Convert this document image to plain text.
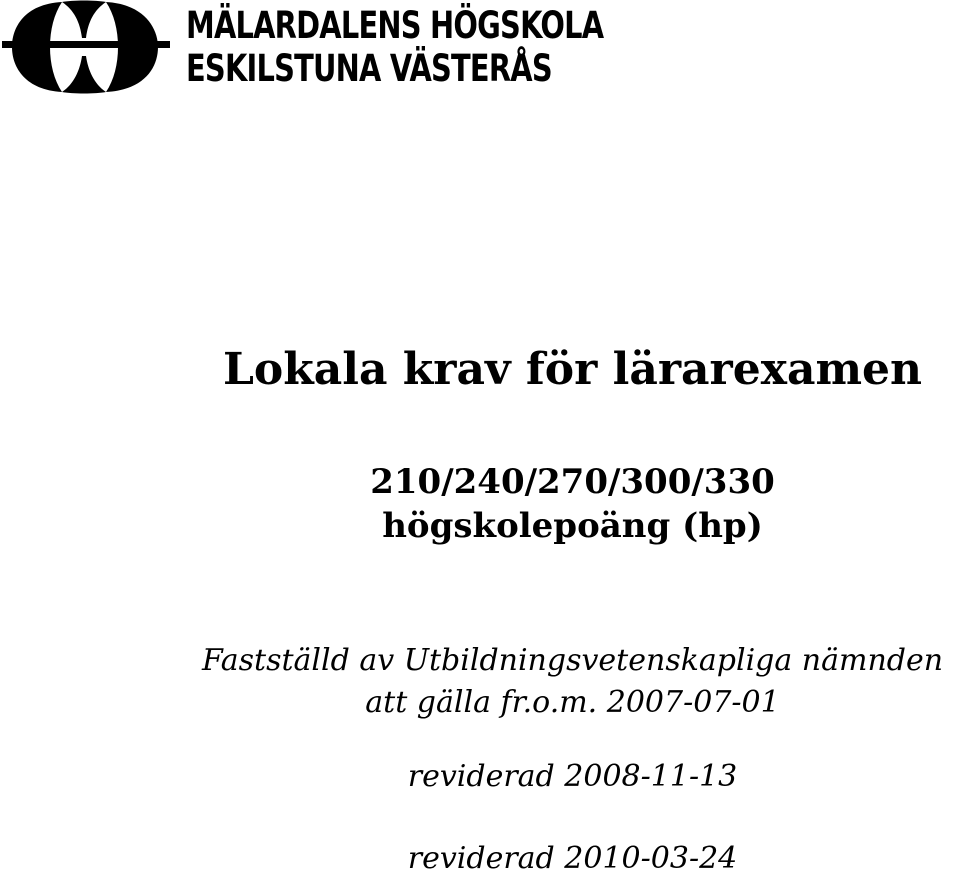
MÄLARDALENS HÖGSKOLA
ESKILSTUNA VÄSTERÅS
Lokala krav för lärarexamen
210/240/270/300/330
högskolepoäng (hp)
Fastställd av Utbildningsvetenskapliga nämnden
att gälla fr.o.m. 2007-07-01
reviderad 2008-11-13
reviderad 2010-03-24
